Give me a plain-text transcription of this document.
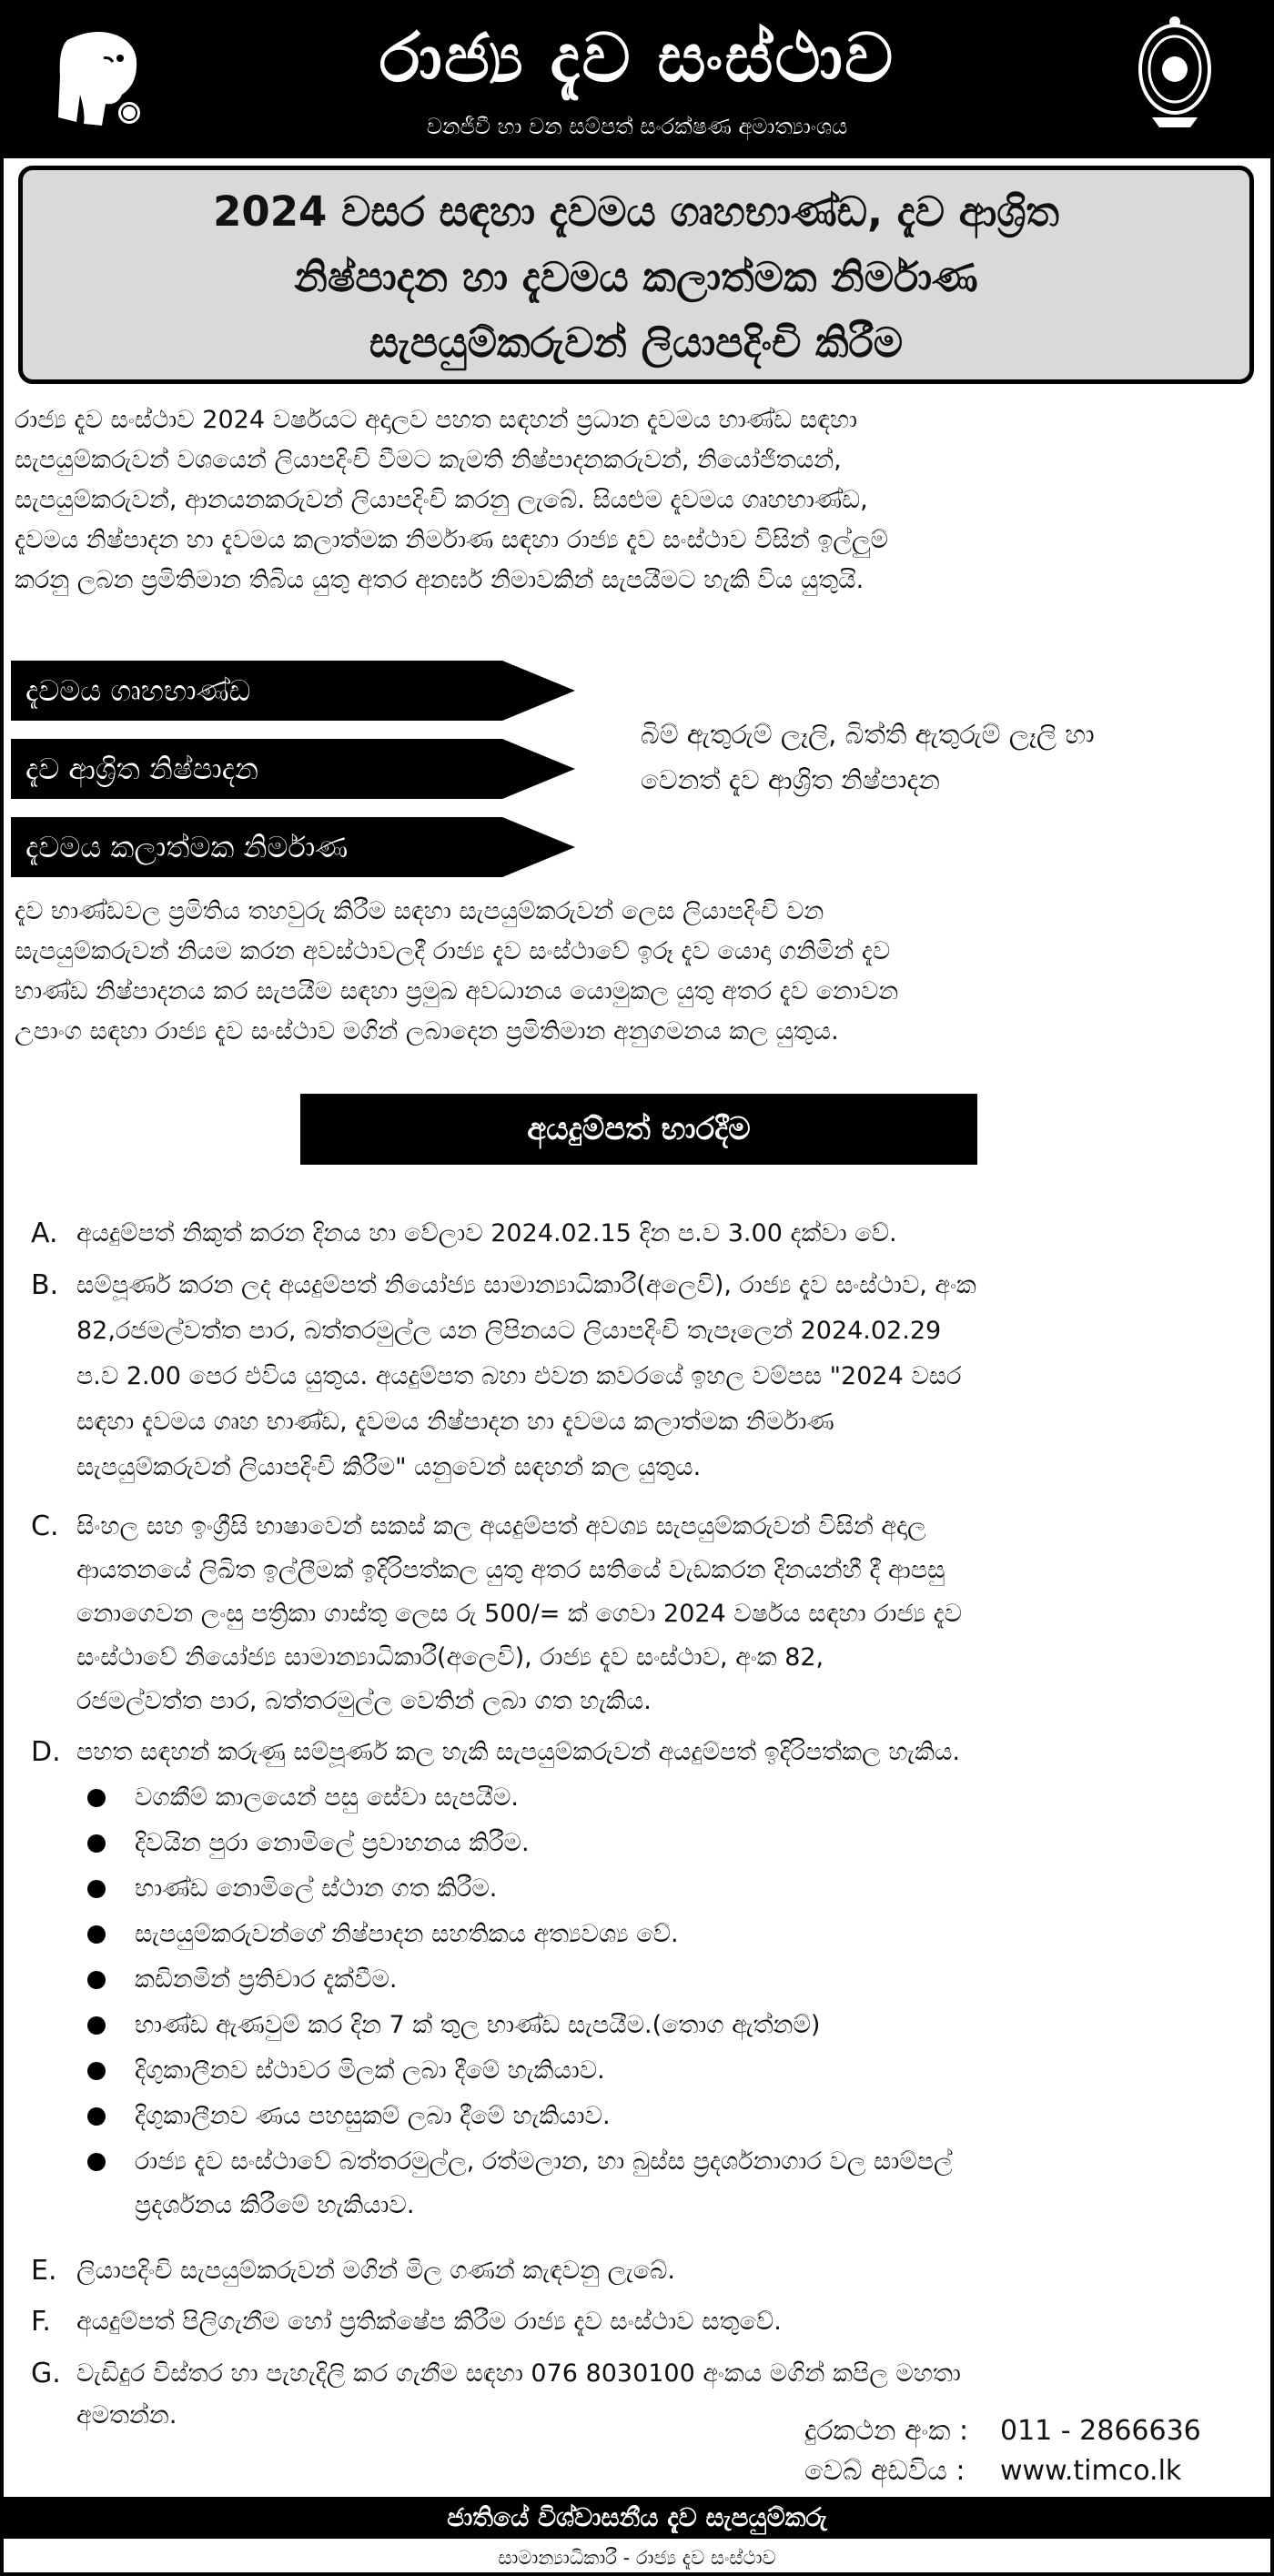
රාජ්‍ය දැව සංස්ථාව
වනජීවී හා වන සම්පත් සංරක්ෂණ අමාත්‍යාංශය
2024 වසර සඳහා දැවමය ගෘහභාණ්ඩ, දැව ආශ්‍රිත
නිෂ්පාදන හා දැවමය කලාත්මක නිර්මාණ
සැපයුම්කරුවන් ලියාපදිංචි කිරීම
රාජ්‍ය දැව සංස්ථාව 2024 වර්ෂයට අදාලව පහත සඳහන් ප්‍රධාන දැවමය භාණ්ඩ සඳහා
සැපයුම්කරුවන් වශයෙන් ලියාපදිංචි වීමට කැමති නිෂ්පාදනකරුවන්, නියෝජිතයන්,
සැපයුම්කරුවන්, ආනයනකරුවන් ලියාපදිංචි කරනු ලැබේ. සියළුම දැවමය ගෘහභාණ්ඩ,
දැවමය නිෂ්පාදන හා දැවමය කලාත්මක නිර්මාණ සඳහා රාජ්‍ය දැව සංස්ථාව විසින් ඉල්ලුම්
කරනු ලබන ප්‍රමිතිමාන තිබිය යුතු අතර අනර්ඝ නිමාවකින් සැපයීමට හැකි විය යුතුයි.
දැවමය ගෘහභාණ්ඩ
දැව ආශ්‍රිත නිෂ්පාදන
දැවමය කලාත්මක නිර්මාණ
බිම් ඇතුරුම් ලෑලි, බිත්ති ඇතුරුම් ලෑලි හා
වෙනත් දැව ආශ්‍රිත නිෂ්පාදන
දැව භාණ්ඩවල ප්‍රමිතිය තහවුරු කිරීම සඳහා සැපයුම්කරුවන් ලෙස ලියාපදිංචි වන
සැපයුම්කරුවන් නියම කරන අවස්ථාවලදී රාජ්‍ය දැව සංස්ථාවේ ඉරූ දැව යොදා ගනිමින් දැව
භාණ්ඩ නිෂ්පාදනය කර සැපයීම සඳහා ප්‍රමුඛ අවධානය යොමුකල යුතු අතර දැව නොවන
උපාංග සඳහා රාජ්‍ය දැව සංස්ථාව මගින් ලබාදෙන ප්‍රමිතිමාන අනුගමනය කල යුතුය.
අයදුම්පත් භාරදීම
A. අයදුම්පත් නිකුත් කරන දිනය හා වේලාව 2024.02.15 දින ප.ව 3.00 දක්වා වේ.
B. සම්පූර්ණ කරන ලද අයදුම්පත් නියෝජ්‍ය සාමාන්‍යාධිකාරී(අලෙවි), රාජ්‍ය දැව සංස්ථාව, අංක
82,රජමල්වත්ත පාර, බත්තරමුල්ල යන ලිපිනයට ලියාපදිංචි තැපෑලෙන් 2024.02.29
ප.ව 2.00 පෙර එවිය යුතුය. අයදුම්පත බහා එවන කවරයේ ඉහල වම්පස "2024 වසර
සඳහා දැවමය ගෘහ භාණ්ඩ, දැවමය නිෂ්පාදන හා දැවමය කලාත්මක නිර්මාණ
සැපයුම්කරුවන් ලියාපදිංචි කිරීම" යනුවෙන් සඳහන් කල යුතුය.
C. සිංහල සහ ඉංග්‍රීසි භාෂාවෙන් සකස් කල අයදුම්පත් අවශ්‍ය සැපයුම්කරුවන් විසින් අදාල
ආයතනයේ ලිඛිත ඉල්ලීමක් ඉදිරිපත්කල යුතු අතර සතියේ වැඩකරන දිනයන්හී දී ආපසු
නොගෙවන ලංසු පත්‍රිකා ගාස්තු ලෙස රු 500/= ක් ගෙවා 2024 වර්ෂය සඳහා රාජ්‍ය දැව
සංස්ථාවේ නියෝජ්‍ය සාමාන්‍යාධිකාරී(අලෙවි), රාජ්‍ය දැව සංස්ථාව, අංක 82,
රජමල්වත්ත පාර, බත්තරමුල්ල වෙතින් ලබා ගත හැකිය.
D. පහත සඳහන් කරුණු සම්පූර්ණ කල හැකි සැපයුම්කරුවන් අයදුම්පත් ඉදිරිපත්කල හැකිය.
වගකීම් කාලයෙන් පසු සේවා සැපයීම.
දිවයින පුරා නොමිලේ ප්‍රවාහනය කිරීම.
භාණ්ඩ නොමිලේ ස්ථාන ගත කිරීම.
සැපයුම්කරුවන්ගේ නිෂ්පාදන සහතිකය අත්‍යවශ්‍ය වේ.
කඩිනමින් ප්‍රතිචාර දැක්වීම.
භාණ්ඩ ඇණවුම් කර දින 7 ක් තුල භාණ්ඩ සැපයීම.(තොග ඇත්නම්)
දිගුකාලීනව ස්ථාවර මිලක් ලබා දීමේ හැකියාව.
දිගුකාලීනව ණය පහසුකම් ලබා දීමේ හැකියාව.
රාජ්‍ය දැව සංස්ථාවේ බත්තරමුල්ල, රත්මලාන, හා බුස්ස ප්‍රදර්ශනාගාර වල සාම්පල්
ප්‍රදර්ශනය කිරීමේ හැකියාව.
E. ලියාපදිංචි සැපයුම්කරුවන් මගින් මිල ගණන් කැඳවනු ලැබේ.
F. අයදුම්පත් පිලිගැනීම හෝ ප්‍රතික්ෂේප කිරීම රාජ්‍ය දැව සංස්ථාව සතුවේ.
G. වැඩිදුර විස්තර හා පැහැදිලි කර ගැනීම සඳහා 076 8030100 අංකය මගින් කපිල මහතා
අමතන්න.	දුරකථන අංක : 011 - 2866636
වෙබ් අඩවිය : www.timco.lk
ජාතියේ විශ්වාසනීය දැව සැපයුම්කරු
සාමාන්‍යාධිකාරී - රාජ්‍ය දැව සංස්ථාව
